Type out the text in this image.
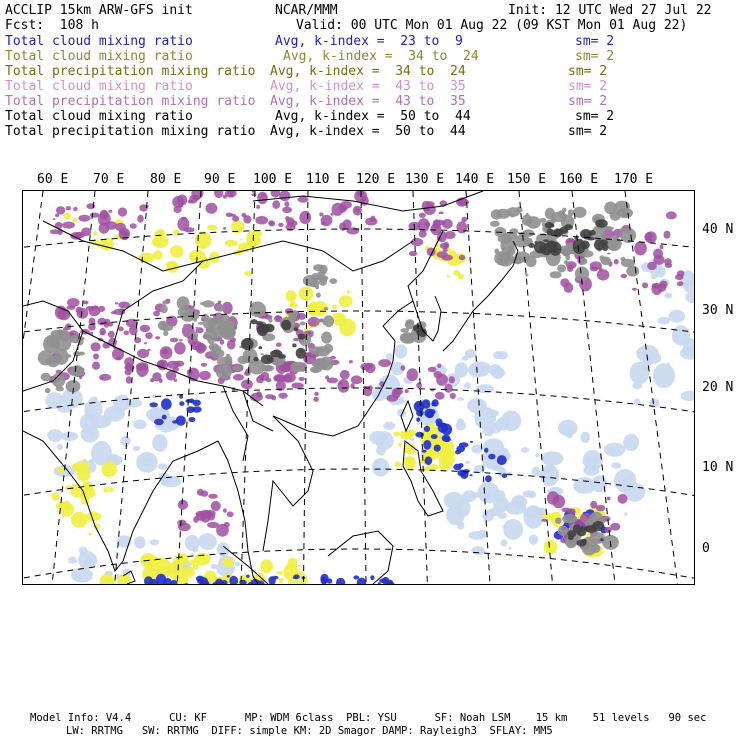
ACCLIP 15km ARW-GFS init	NCAR/MMM	Init: 12 UTC Wed 27 Jul 22
Fcst:  108 h	Valid: 00 UTC Mon 01 Aug 22 (09 KST Mon 01 Aug 22)
Total cloud mixing ratio	Avg, k-index =  23 to  9	sm= 2
Total cloud mixing ratio	Avg, k-index =  34 to  24	sm= 2
Total precipitation mixing ratio Avg, k-index =  34 to  24	sm= 2
Total cloud mixing ratio	Avg, k-index =  43 to  35	sm= 2
Total precipitation mixing ratio Avg, k-index =  43 to  35	sm= 2
Total cloud mixing ratio	Avg, k-index =  50 to  44	sm= 2
Total precipitation mixing ratio Avg, k-index =  50 to  44	sm= 2
60 E 70 E 80 E 90 E 100 E 110 E 120 E 130 E 140 E 150 E 160 E 170 E
40 N
30 N
20 N
10 N
0
Model Info: V4.4      CU: KF      MP: WDM 6class  PBL: YSU      SF: Noah LSM    15 km    51 levels   90 sec
LW: RRTMG   SW: RRTMG  DIFF: simple KM: 2D Smagor DAMP: Rayleigh3  SFLAY: MM5
